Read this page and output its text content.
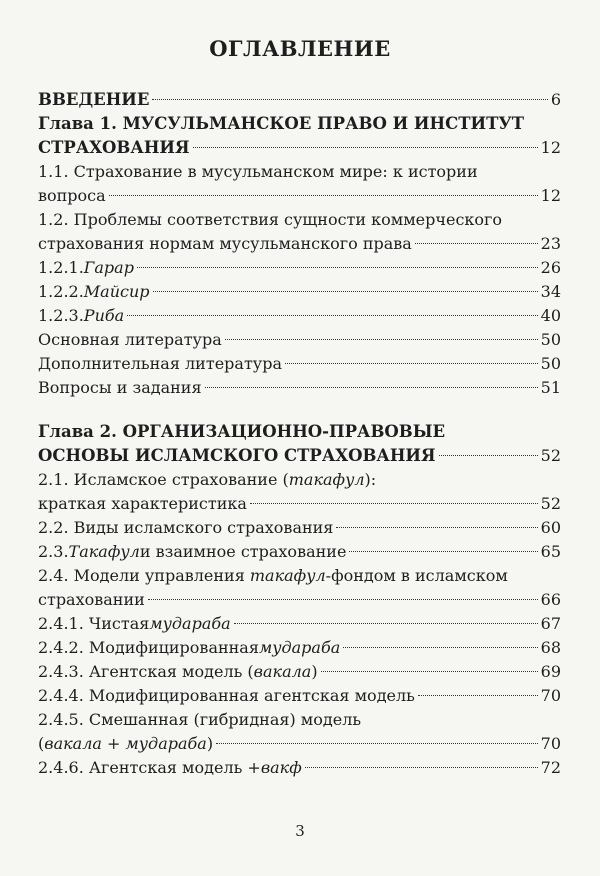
ОГЛАВЛЕНИЕ
ВВЕДЕНИЕ	6
Глава 1. МУСУЛЬМАНСКОЕ ПРАВО И ИНСТИТУТ
СТРАХОВАНИЯ	12
1.1. Страхование в мусульманском мире: к истории
вопроса	12
1.2. Проблемы соответствия сущности коммерческого
страхования нормам мусульманского права	23
1.2.1. Гарар	26
1.2.2. Майсир	34
1.2.3. Риба	40
Основная литература	50
Дополнительная литература	50
Вопросы и задания	51
Глава 2. ОРГАНИЗАЦИОННО-ПРАВОВЫЕ
ОСНОВЫ ИСЛАМСКОГО СТРАХОВАНИЯ	52
2.1. Исламское страхование (такафул):
краткая характеристика	52
2.2. Виды исламского страхования	60
2.3. Такафул и взаимное страхование	65
2.4. Модели управления такафул-фондом в исламском
страховании	66
2.4.1. Чистая мудараба	67
2.4.2. Модифицированная мудараба	68
2.4.3. Агентская модель ( вакала )	69
2.4.4. Модифицированная агентская модель	70
2.4.5. Смешанная (гибридная) модель
( вакала + мудараба )	70
2.4.6. Агентская модель + вакф	72
3
